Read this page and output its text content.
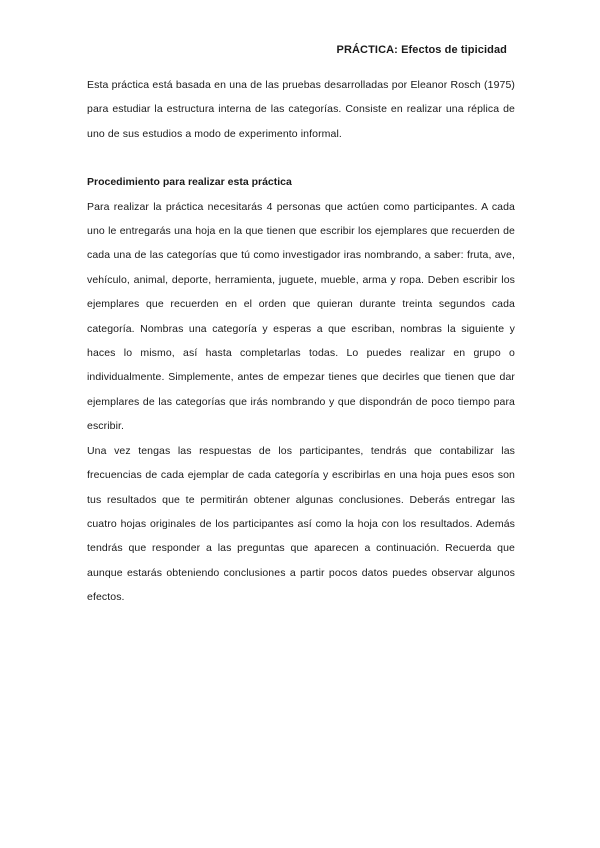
PRÁCTICA: Efectos de tipicidad

Esta práctica está basada en una de las pruebas desarrolladas por Eleanor Rosch (1975) para estudiar la estructura interna de las categorías. Consiste en realizar una réplica de uno de sus estudios a modo de experimento informal.

Procedimiento para realizar esta práctica

Para realizar la práctica necesitarás 4 personas que actúen como participantes. A cada uno le entregarás una hoja en la que tienen que escribir los ejemplares que recuerden de cada una de las categorías que tú como investigador iras nombrando, a saber: fruta, ave, vehículo, animal, deporte, herramienta, juguete, mueble, arma y ropa. Deben escribir los ejemplares que recuerden en el orden que quieran durante treinta segundos cada categoría. Nombras una categoría y esperas a que escriban, nombras la siguiente y haces lo mismo, así hasta completarlas todas. Lo puedes realizar en grupo o individualmente. Simplemente, antes de empezar tienes que decirles que tienen que dar ejemplares de las categorías que irás nombrando y que dispondrán de poco tiempo para escribir.

Una vez tengas las respuestas de los participantes, tendrás que contabilizar las frecuencias de cada ejemplar de cada categoría y escribirlas en una hoja pues esos son tus resultados que te permitirán obtener algunas conclusiones. Deberás entregar las cuatro hojas originales de los participantes así como la hoja con los resultados. Además tendrás que responder a las preguntas que aparecen a continuación. Recuerda que aunque estarás obteniendo conclusiones a partir pocos datos puedes observar algunos efectos.
